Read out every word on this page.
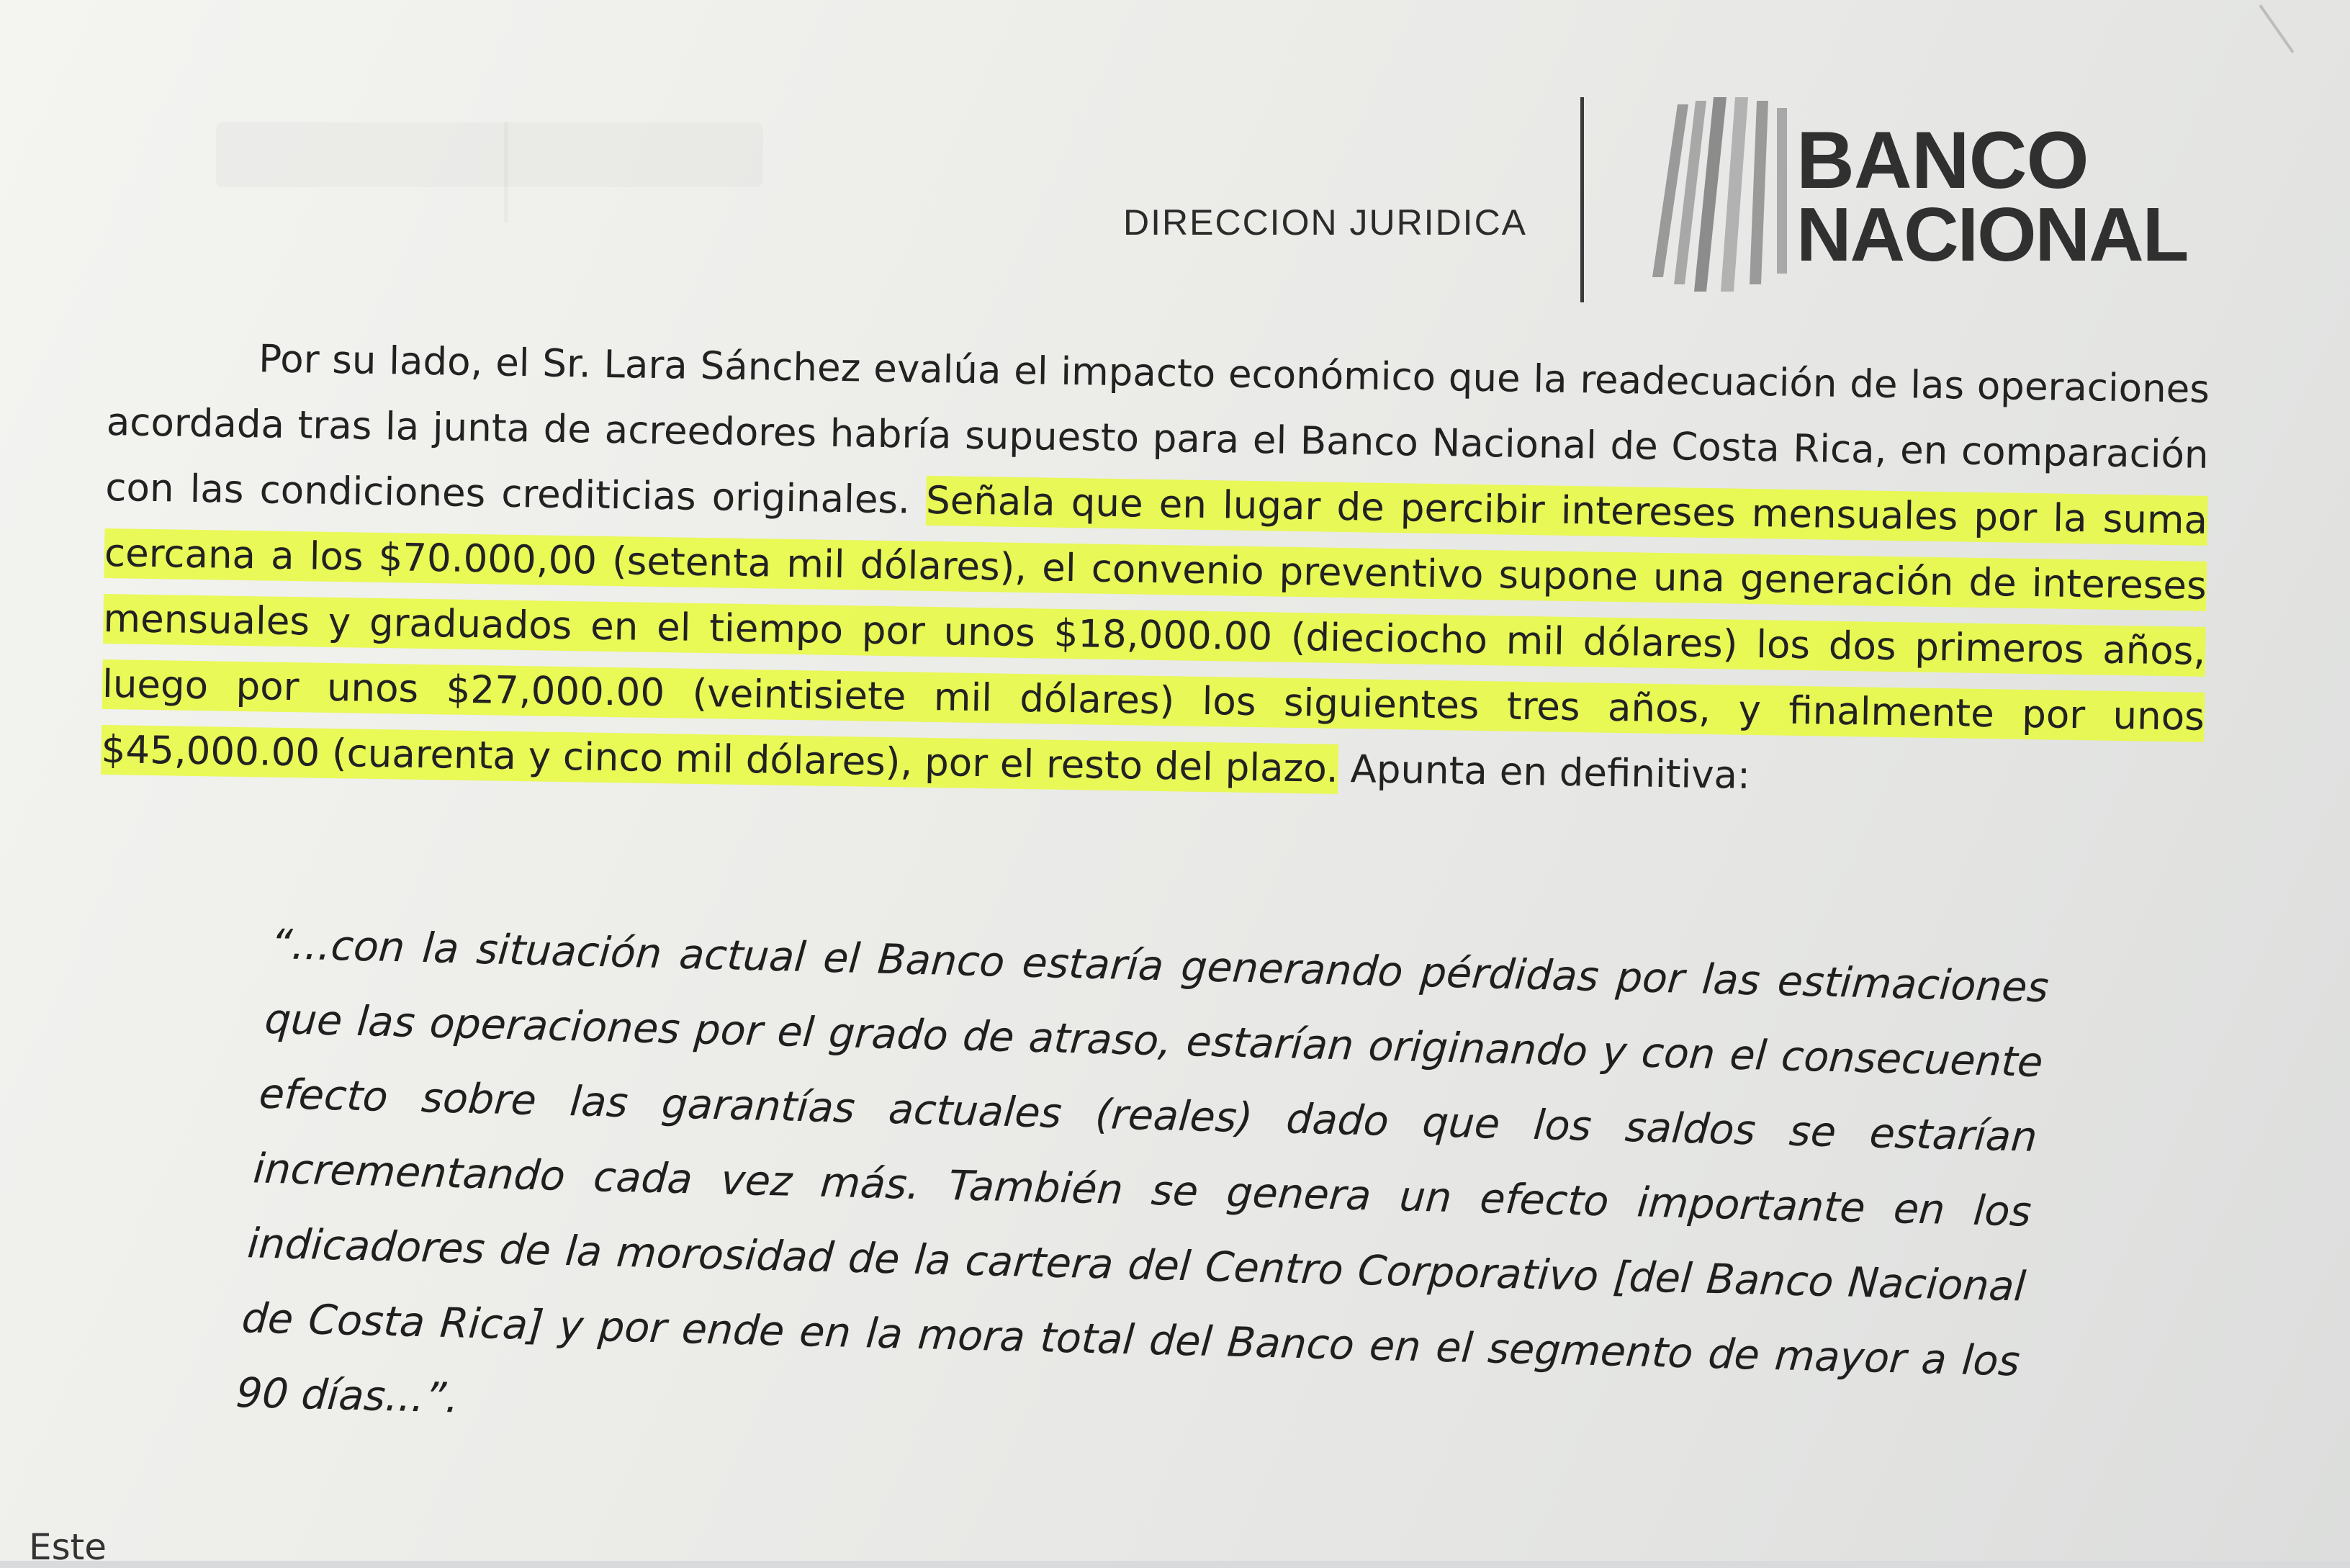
DIRECCION JURIDICA
BANCO
NACIONAL
Por su lado, el Sr. Lara Sánchez evalúa el impacto económico que la readecuación de las operaciones acordada tras la junta de acreedores habría supuesto para el Banco Nacional de Costa Rica, en comparación con las condiciones crediticias originales. Señala que en lugar de percibir intereses mensuales por la suma cercana a los $70.000,00 (setenta mil dólares), el convenio preventivo supone una generación de intereses mensuales y graduados en el tiempo por unos $18,000.00 (dieciocho mil dólares) los dos primeros años, luego por unos $27,000.00 (veintisiete mil dólares) los siguientes tres años, y finalmente por unos $45,000.00 (cuarenta y cinco mil dólares), por el resto del plazo. Apunta en definitiva:
“...con la situación actual el Banco estaría generando pérdidas por las estimaciones que las operaciones por el grado de atraso, estarían originando y con el consecuente efecto sobre las garantías actuales (reales) dado que los saldos se estarían incrementando cada vez más. También se genera un efecto importante en los indicadores de la morosidad de la cartera del Centro Corporativo [del Banco Nacional de Costa Rica] y por ende en la mora total del Banco en el segmento de mayor a los 90 días...”.
Este
